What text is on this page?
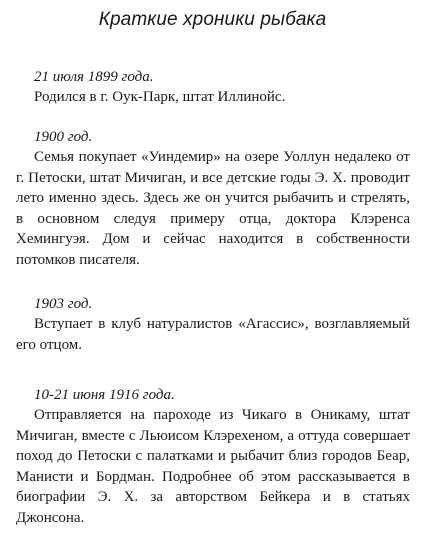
Краткие хроники рыбака
21 июля 1899 года.
Родился в г. Оук-Парк, штат Иллинойс.
1900 год.
Семья покупает «Уиндемир» на озере Уоллун недалеко от г. Петоски, штат Мичиган, и все детские годы Э. Х. проводит лето именно здесь. Здесь же он учится рыбачить и стрелять, в основном следуя примеру отца, доктора Клэренса Хемингуэя. Дом и сейчас находится в собственности потомков писателя.
1903 год.
Вступает в клуб натуралистов «Агассис», возглавляемый его отцом.
10-21 июня 1916 года.
Отправляется на пароходе из Чикаго в Оникаму, штат Мичиган, вместе с Льюисом Клэрехеном, а оттуда совершает поход до Петоски с палатками и рыбачит близ городов Беар, Манисти и Бордман. Подробнее об этом рассказывается в биографии Э. Х. за авторством Бейкера и в статьях Джонсона.
